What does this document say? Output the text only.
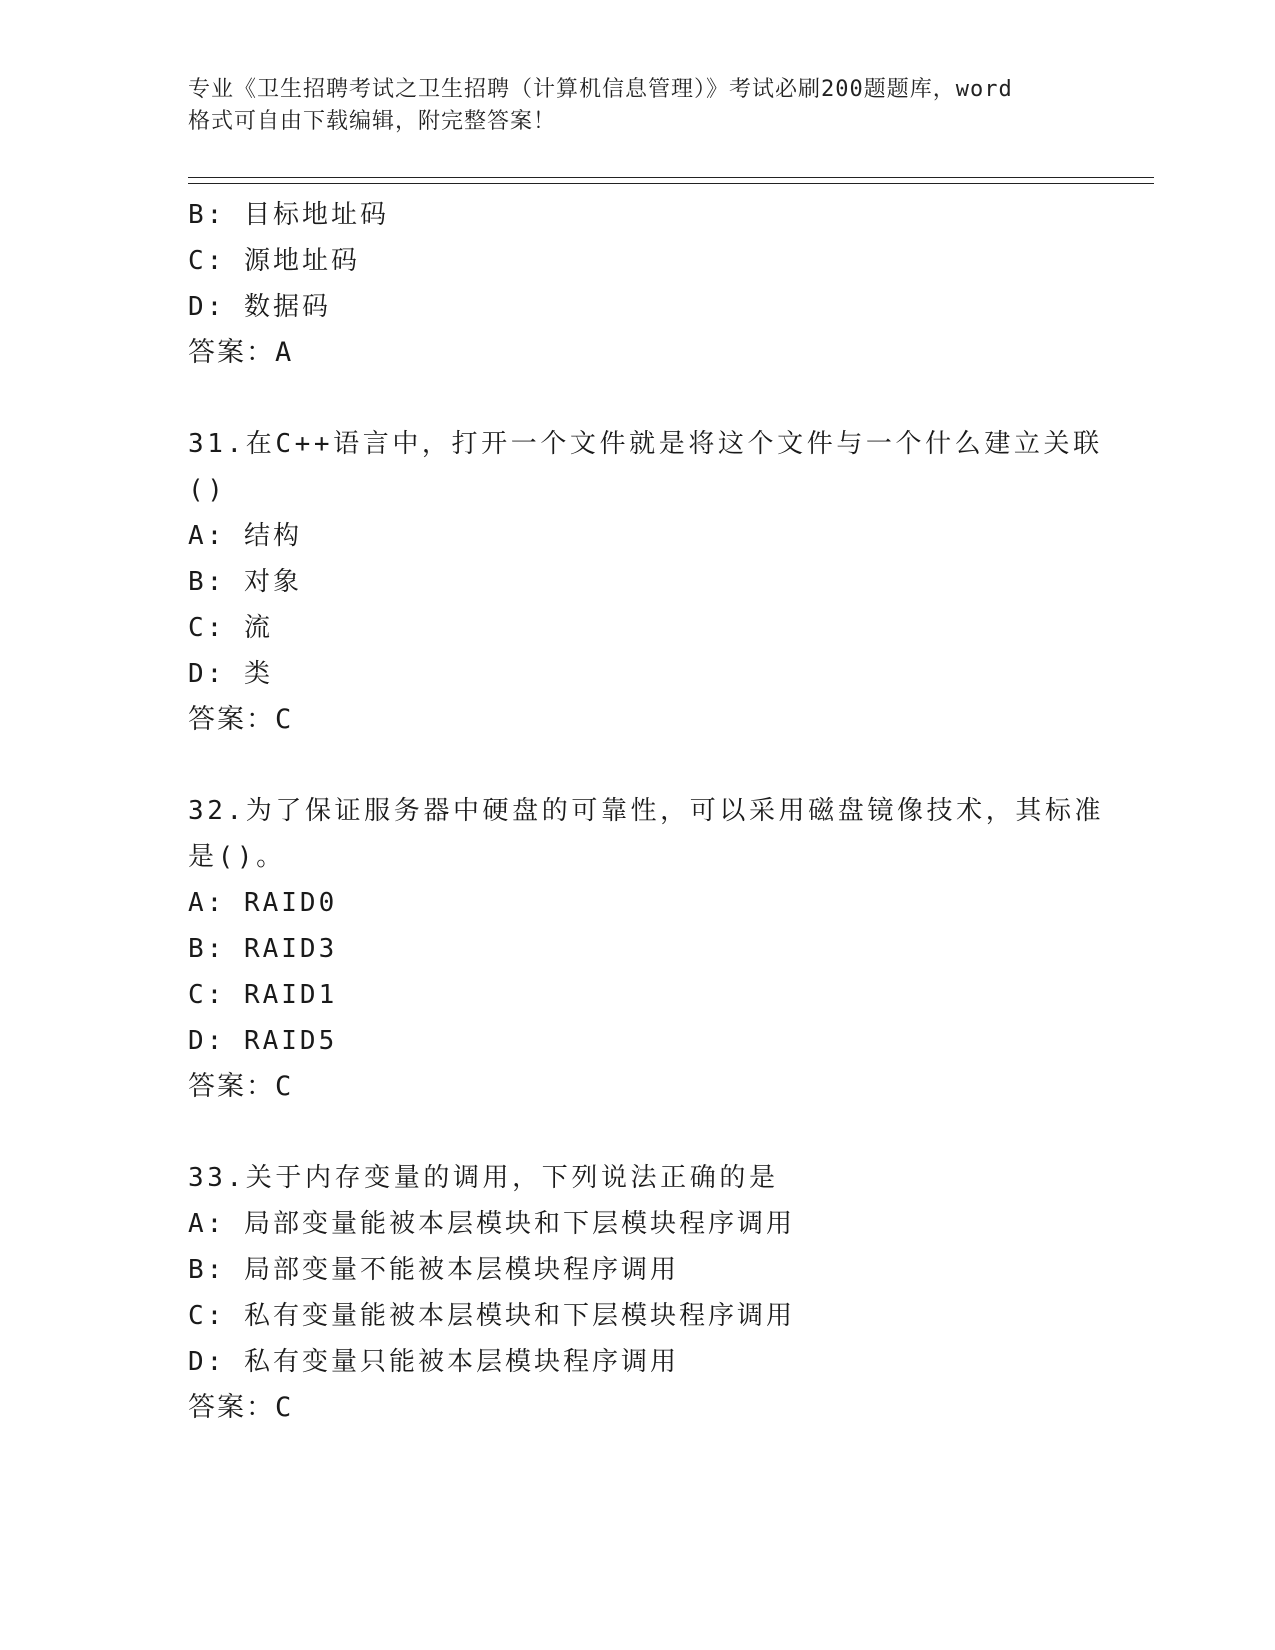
专业《卫生招聘考试之卫生招聘（计算机信息管理）》考试必刷200题题库，word
格式可自由下载编辑，附完整答案！
B: 目标地址码
C: 源地址码
D: 数据码
答案：A
31.在C++语言中，打开一个文件就是将这个文件与一个什么建立关联
()
A: 结构
B: 对象
C: 流
D: 类
答案：C
32.为了保证服务器中硬盘的可靠性，可以采用磁盘镜像技术，其标准
是()。
A: RAID0
B: RAID3
C: RAID1
D: RAID5
答案：C
33.关于内存变量的调用，下列说法正确的是
A: 局部变量能被本层模块和下层模块程序调用
B: 局部变量不能被本层模块程序调用
C: 私有变量能被本层模块和下层模块程序调用
D: 私有变量只能被本层模块程序调用
答案：C
